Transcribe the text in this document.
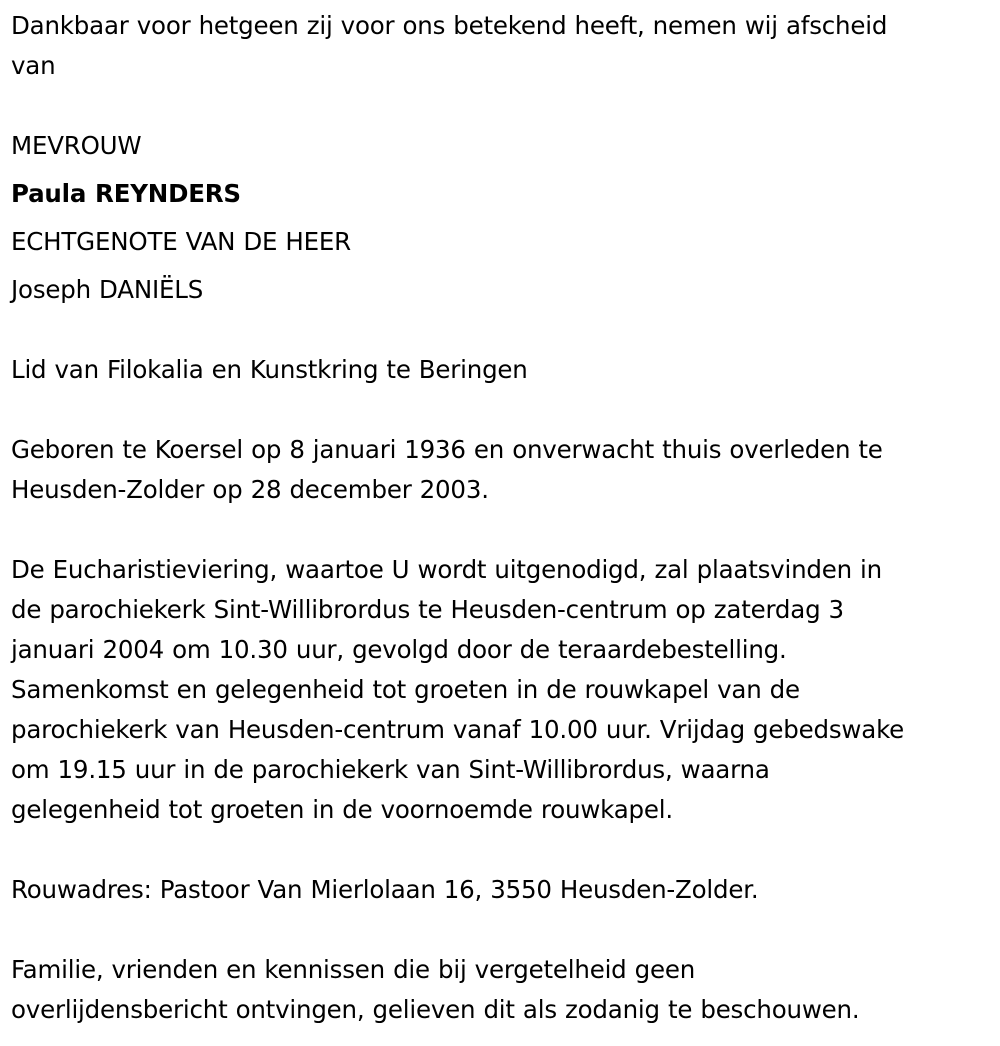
Dankbaar voor hetgeen zij voor ons betekend heeft, nemen wij afscheid
van
MEVROUW
Paula REYNDERS
ECHTGENOTE VAN DE HEER
Joseph DANIËLS
Lid van Filokalia en Kunstkring te Beringen
Geboren te Koersel op 8 januari 1936 en onverwacht thuis overleden te
Heusden-Zolder op 28 december 2003.
De Eucharistieviering, waartoe U wordt uitgenodigd, zal plaatsvinden in
de parochiekerk Sint-Willibrordus te Heusden-centrum op zaterdag 3
januari 2004 om 10.30 uur, gevolgd door de teraardebestelling.
Samenkomst en gelegenheid tot groeten in de rouwkapel van de
parochiekerk van Heusden-centrum vanaf 10.00 uur. Vrijdag gebedswake
om 19.15 uur in de parochiekerk van Sint-Willibrordus, waarna
gelegenheid tot groeten in de voornoemde rouwkapel.
Rouwadres: Pastoor Van Mierlolaan 16, 3550 Heusden-Zolder.
Familie, vrienden en kennissen die bij vergetelheid geen
overlijdensbericht ontvingen, gelieven dit als zodanig te beschouwen.
